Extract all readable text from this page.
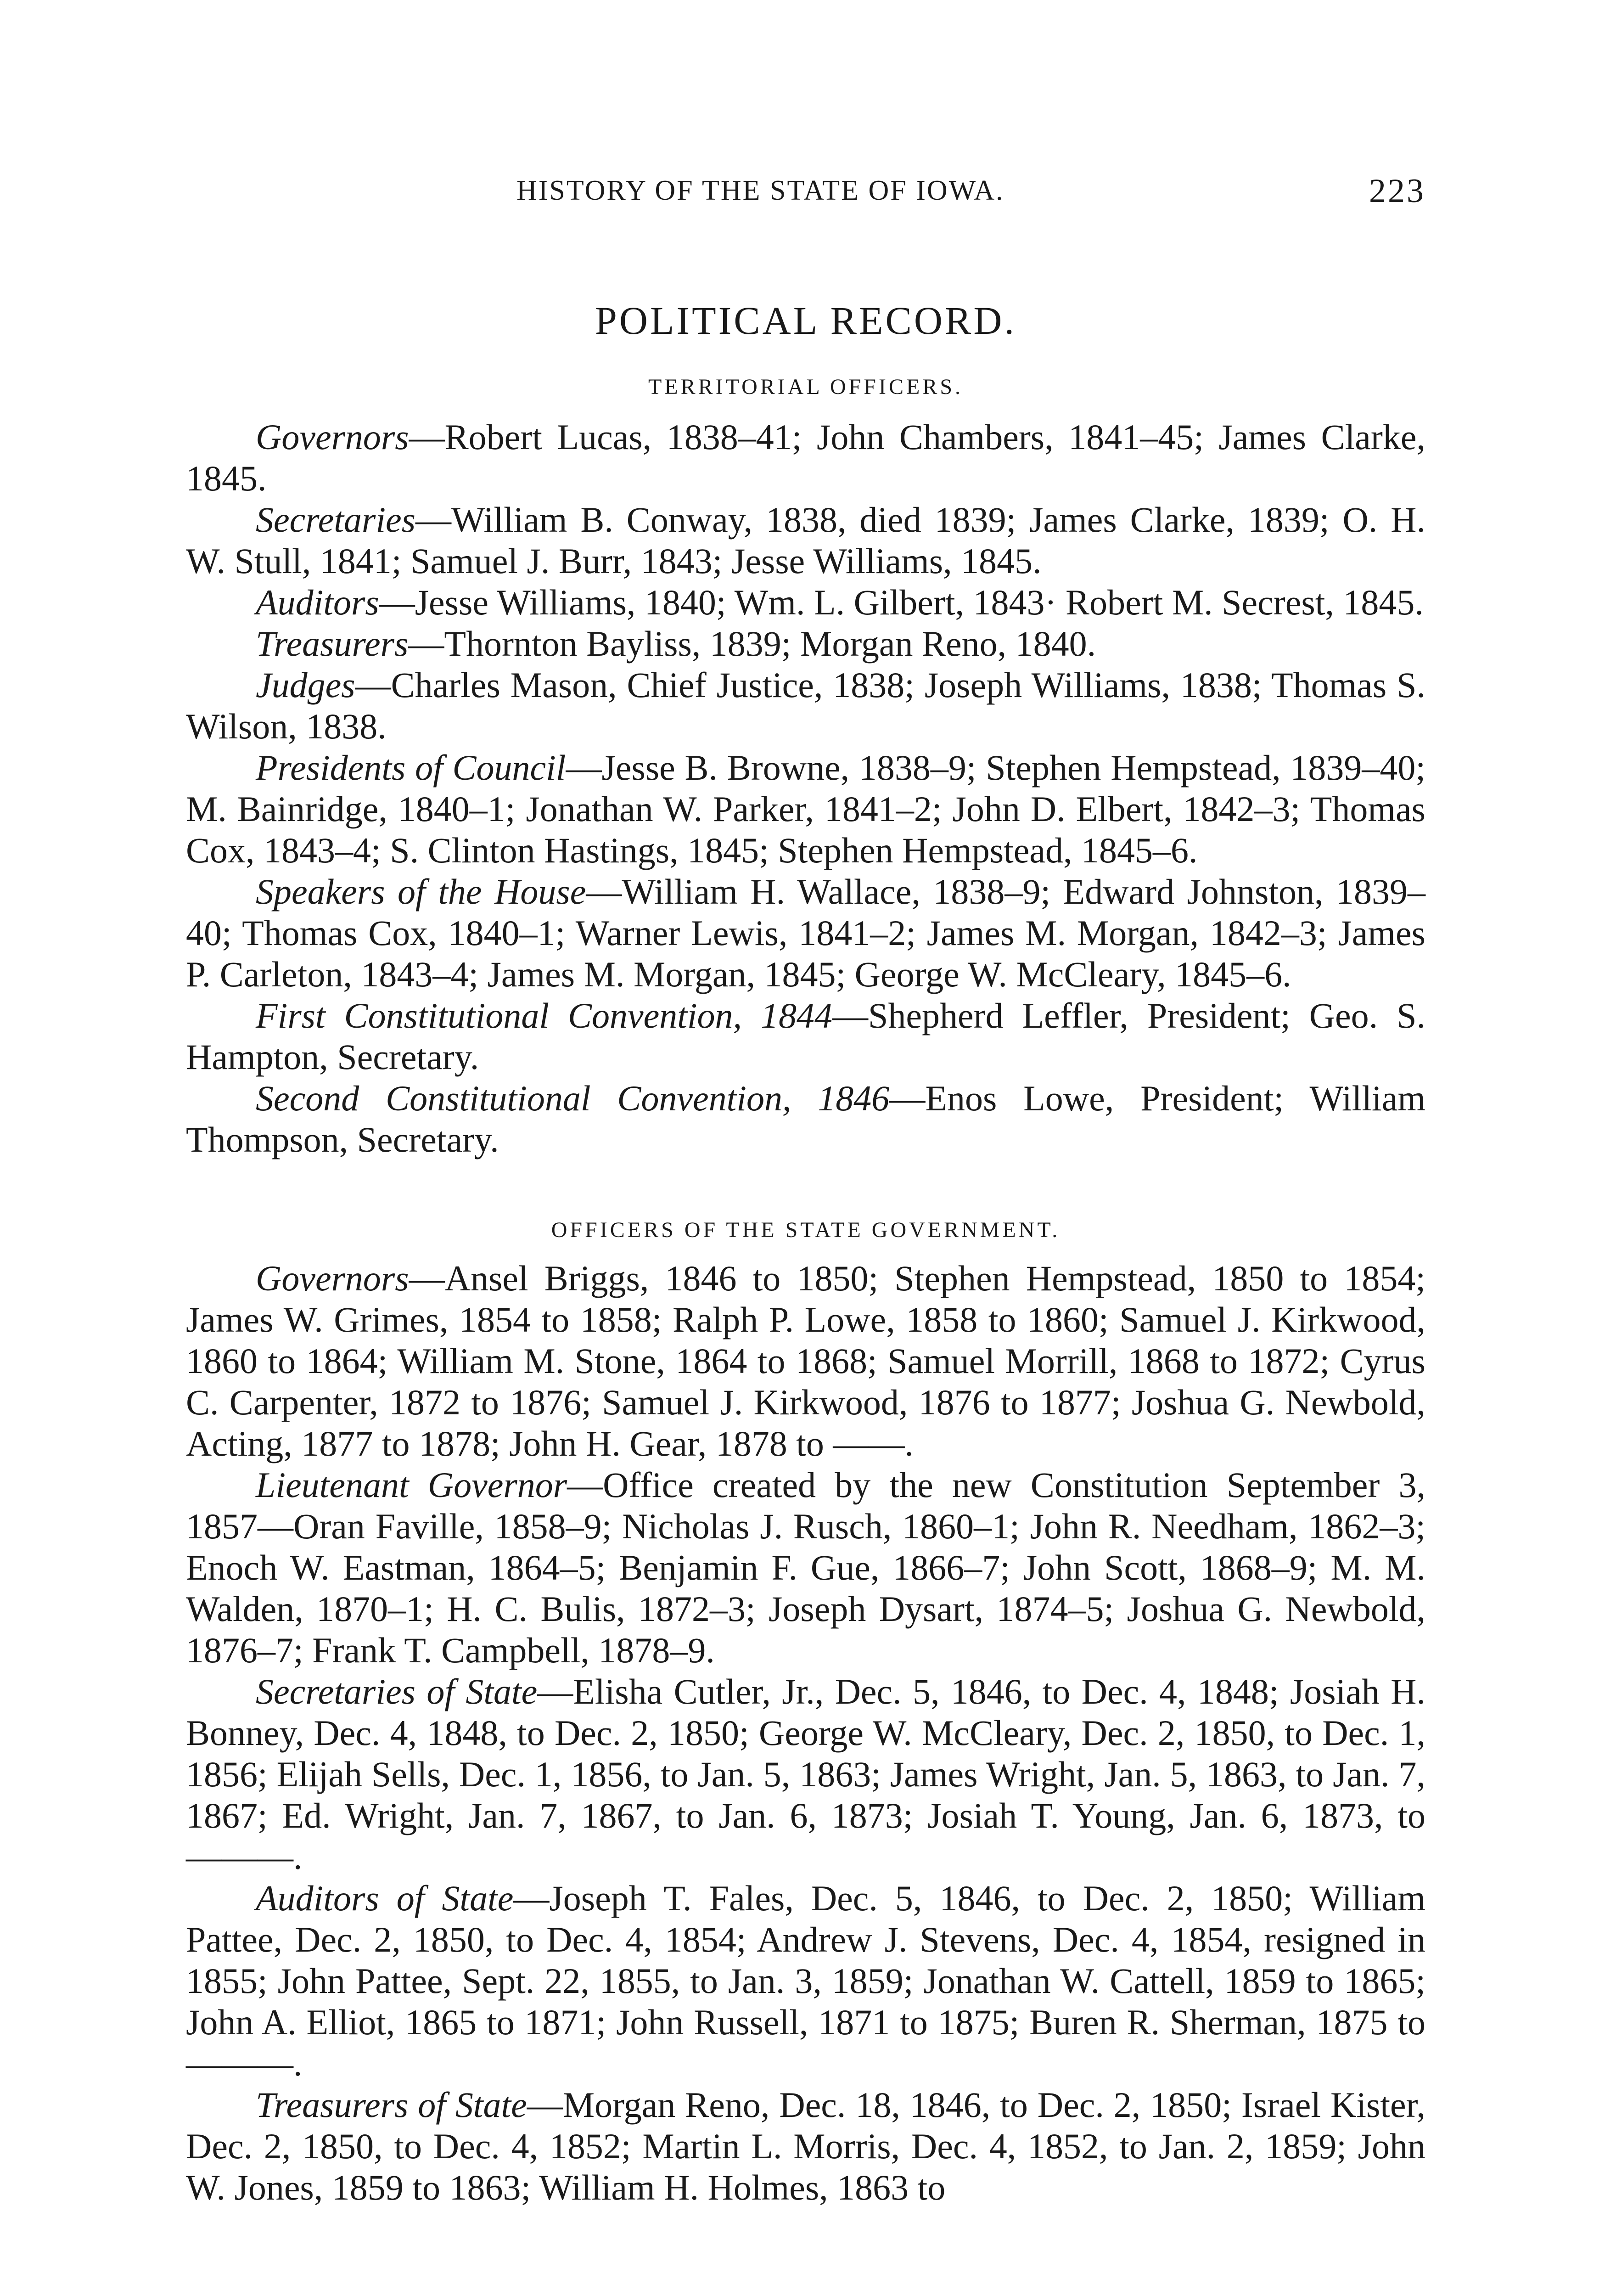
HISTORY OF THE STATE OF IOWA.	223
POLITICAL RECORD.
TERRITORIAL OFFICERS.

Governors—Robert Lucas, 1838–41; John Chambers, 1841–45; James Clarke, 1845.

Secretaries—William B. Conway, 1838, died 1839; James Clarke, 1839; O. H. W. Stull, 1841; Samuel J. Burr, 1843; Jesse Williams, 1845.

Auditors—Jesse Williams, 1840; Wm. L. Gilbert, 1843· Robert M. Secrest, 1845.

Treasurers—Thornton Bayliss, 1839; Morgan Reno, 1840.

Judges—Charles Mason, Chief Justice, 1838; Joseph Williams, 1838; Thomas S. Wilson, 1838.

Presidents of Council—Jesse B. Browne, 1838–9; Stephen Hempstead, 1839–40; M. Bainridge, 1840–1; Jonathan W. Parker, 1841–2; John D. Elbert, 1842–3; Thomas Cox, 1843–4; S. Clinton Hastings, 1845; Stephen Hempstead, 1845–6.

Speakers of the House—William H. Wallace, 1838–9; Edward Johnston, 1839–40; Thomas Cox, 1840–1; Warner Lewis, 1841–2; James M. Morgan, 1842–3; James P. Carleton, 1843–4; James M. Morgan, 1845; George W. McCleary, 1845–6.

First Constitutional Convention, 1844—Shepherd Leffler, President; Geo. S. Hampton, Secretary.

Second Constitutional Convention, 1846—Enos Lowe, President; William Thompson, Secretary.

OFFICERS OF THE STATE GOVERNMENT.

Governors—Ansel Briggs, 1846 to 1850; Stephen Hempstead, 1850 to 1854; James W. Grimes, 1854 to 1858; Ralph P. Lowe, 1858 to 1860; Samuel J. Kirkwood, 1860 to 1864; William M. Stone, 1864 to 1868; Samuel Morrill, 1868 to 1872; Cyrus C. Carpenter, 1872 to 1876; Samuel J. Kirkwood, 1876 to 1877; Joshua G. Newbold, Acting, 1877 to 1878; John H. Gear, 1878 to ——.

Lieutenant Governor—Office created by the new Constitution September 3, 1857—Oran Faville, 1858–9; Nicholas J. Rusch, 1860–1; John R. Needham, 1862–3; Enoch W. Eastman, 1864–5; Benjamin F. Gue, 1866–7; John Scott, 1868–9; M. M. Walden, 1870–1; H. C. Bulis, 1872–3; Joseph Dysart, 1874–5; Joshua G. Newbold, 1876–7; Frank T. Campbell, 1878–9.

Secretaries of State—Elisha Cutler, Jr., Dec. 5, 1846, to Dec. 4, 1848; Josiah H. Bonney, Dec. 4, 1848, to Dec. 2, 1850; George W. McCleary, Dec. 2, 1850, to Dec. 1, 1856; Elijah Sells, Dec. 1, 1856, to Jan. 5, 1863; James Wright, Jan. 5, 1863, to Jan. 7, 1867; Ed. Wright, Jan. 7, 1867, to Jan. 6, 1873; Josiah T. Young, Jan. 6, 1873, to ———.

Auditors of State—Joseph T. Fales, Dec. 5, 1846, to Dec. 2, 1850; William Pattee, Dec. 2, 1850, to Dec. 4, 1854; Andrew J. Stevens, Dec. 4, 1854, resigned in 1855; John Pattee, Sept. 22, 1855, to Jan. 3, 1859; Jonathan W. Cattell, 1859 to 1865; John A. Elliot, 1865 to 1871; John Russell, 1871 to 1875; Buren R. Sherman, 1875 to ———.

Treasurers of State—Morgan Reno, Dec. 18, 1846, to Dec. 2, 1850; Israel Kister, Dec. 2, 1850, to Dec. 4, 1852; Martin L. Morris, Dec. 4, 1852, to Jan. 2, 1859; John W. Jones, 1859 to 1863; William H. Holmes, 1863 to
